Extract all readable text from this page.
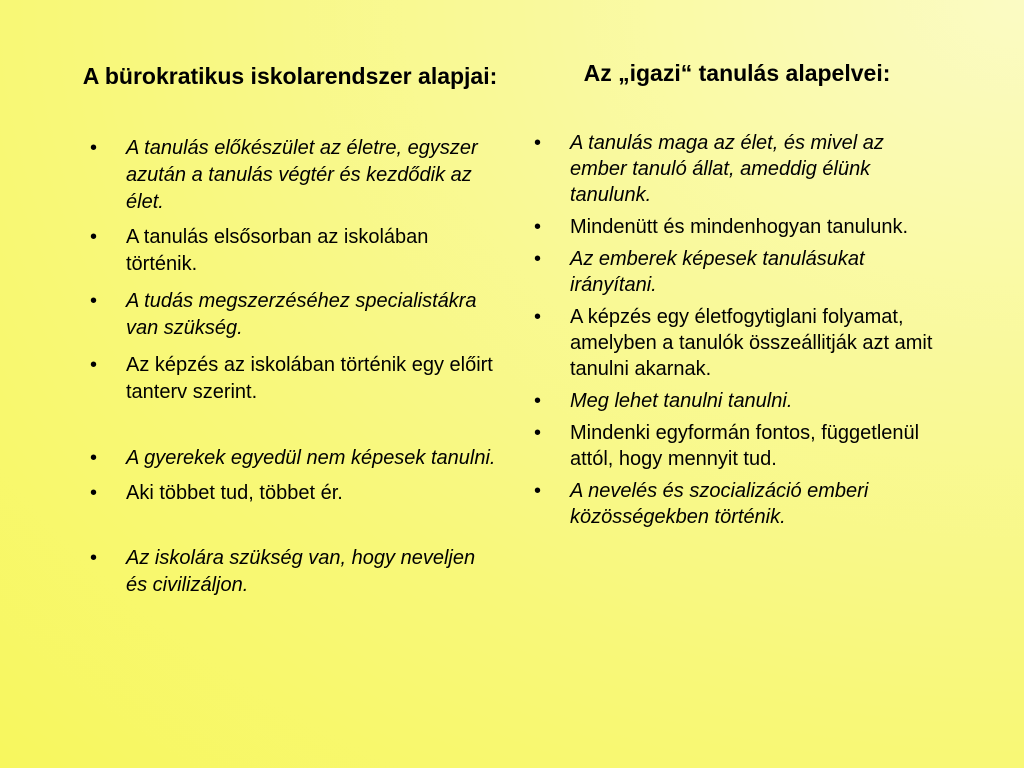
A bürokratikus iskolarendszer alapjai:
• A tanulás előkészület az életre, egyszer azután a tanulás végtér és kezdődik az élet.
• A tanulás elsősorban az iskolában történik.
• A tudás megszerzéséhez specialistákra van szükség.
• Az képzés az iskolában történik egy előirt tanterv szerint.
• A gyerekek egyedül nem képesek tanulni.
• Aki többet tud, többet ér.
• Az iskolára szükség van, hogy neveljen és civilizáljon.
Az „igazi“ tanulás alapelvei:
• A tanulás maga az élet, és mivel az ember tanuló állat, ameddig élünk tanulunk.
• Mindenütt és mindenhogyan tanulunk.
• Az emberek képesek tanulásukat irányítani.
• A képzés egy életfogytiglani folyamat, amelyben a tanulók összeállitják azt amit tanulni akarnak.
• Meg lehet tanulni tanulni.
• Mindenki egyformán fontos, függetlenül attól, hogy mennyit tud.
• A nevelés és szocializáció emberi közösségekben történik.
